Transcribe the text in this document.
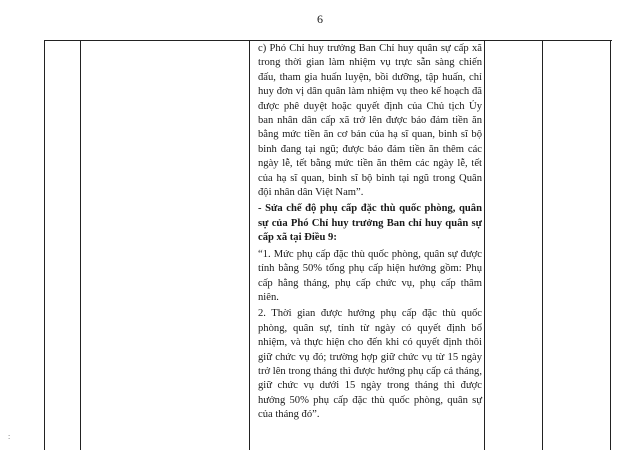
6

c) Phó Chỉ huy trưởng Ban Chỉ huy quân sự cấp xã trong thời gian làm nhiệm vụ trực sẵn sàng chiến đấu, tham gia huấn luyện, bồi dưỡng, tập huấn, chỉ huy đơn vị dân quân làm nhiệm vụ theo kế hoạch đã được phê duyệt hoặc quyết định của Chủ tịch Ủy ban nhân dân cấp xã trở lên được bảo đảm tiền ăn bằng mức tiền ăn cơ bản của hạ sĩ quan, binh sĩ bộ binh đang tại ngũ; được bảo đảm tiền ăn thêm các ngày lễ, tết bằng mức tiền ăn thêm các ngày lễ, tết của hạ sĩ quan, binh sĩ bộ binh tại ngũ trong Quân đội nhân dân Việt Nam”.

- Sửa chế độ phụ cấp đặc thù quốc phòng, quân sự của Phó Chỉ huy trưởng Ban chỉ huy quân sự cấp xã tại Điều 9:

“1. Mức phụ cấp đặc thù quốc phòng, quân sự được tính bằng 50% tổng phụ cấp hiện hưởng gồm: Phụ cấp hằng tháng, phụ cấp chức vụ, phụ cấp thâm niên.

2. Thời gian được hưởng phụ cấp đặc thù quốc phòng, quân sự, tính từ ngày có quyết định bổ nhiệm, và thực hiện cho đến khi có quyết định thôi giữ chức vụ đó; trường hợp giữ chức vụ từ 15 ngày trở lên trong tháng thì được hưởng phụ cấp cả tháng, giữ chức vụ dưới 15 ngày trong tháng thì được hưởng 50% phụ cấp đặc thù quốc phòng, quân sự của tháng đó”.

:
